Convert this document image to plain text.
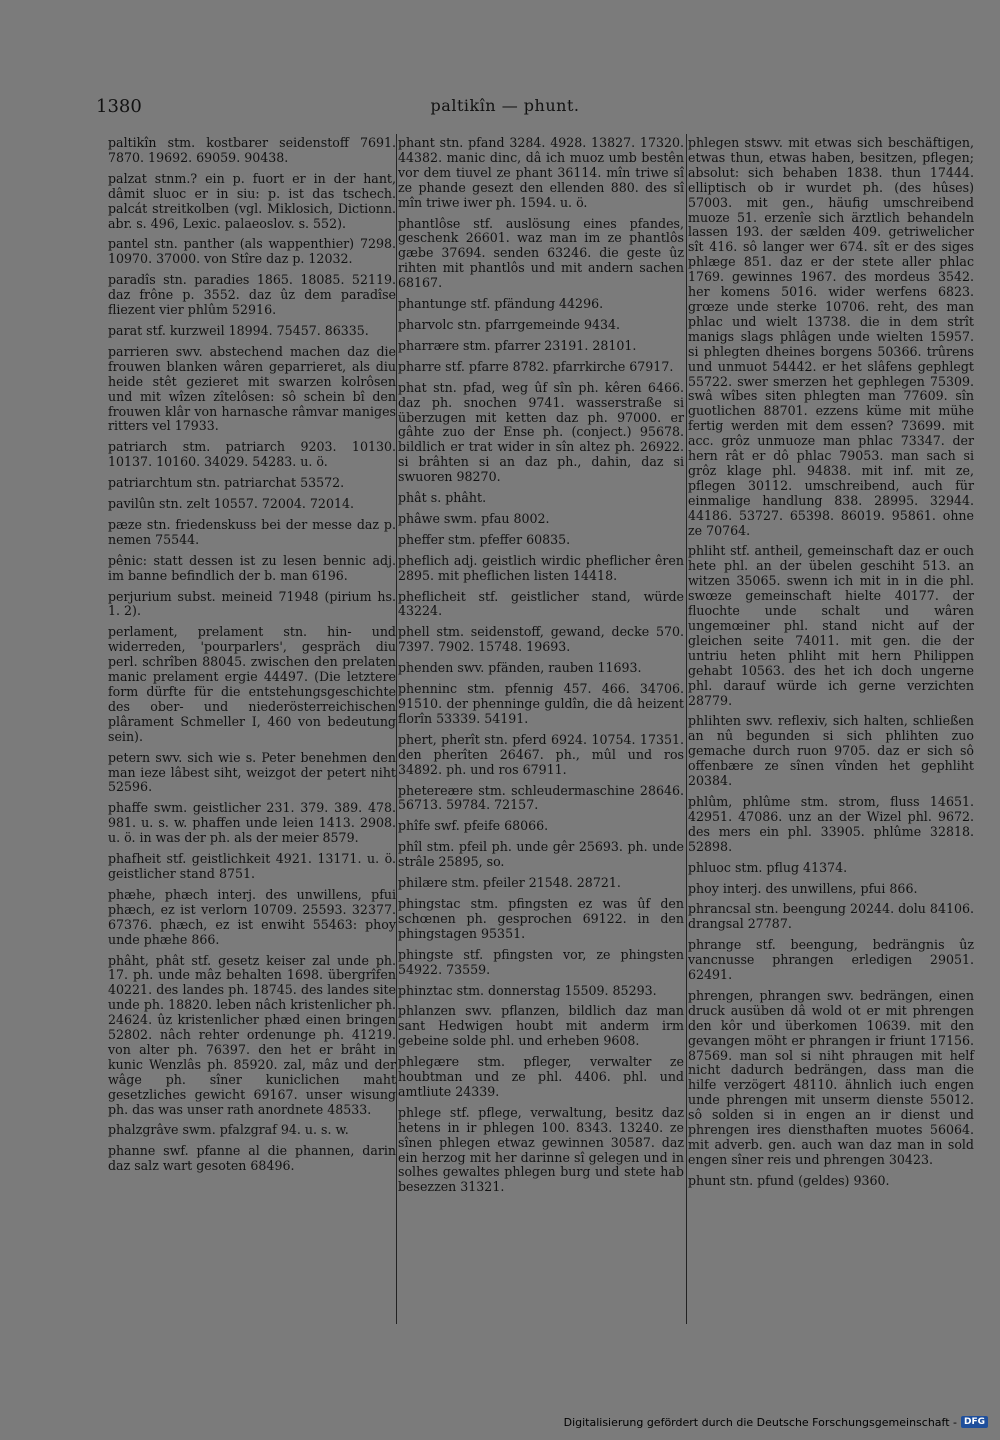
1380	paltikîn — phunt.

paltikîn stm. kostbarer seidenstoff 7691. 7870. 19692. 69059. 90438.

palzat stnm.? ein p. fuort er in der hant, dâmit sluoc er in siu: p. ist das tschech. palcát streitkolben (vgl. Miklosich, Dictionn. abr. s. 496, Lexic. palaeoslov. s. 552).

pantel stn. panther (als wappenthier) 7298. 10970. 37000. von Stîre daz p. 12032.

paradîs stn. paradies 1865. 18085. 52119. daz frône p. 3552. daz ûz dem paradîse fliezent vier phlûm 52916.

parat stf. kurzweil 18994. 75457. 86335.

parrieren swv. abstechend machen daz die frouwen blanken wâren geparrieret, als diu heide stêt gezieret mit swarzen kolrôsen und mit wîzen zîtelôsen: sô schein bî den frouwen klâr von harnasche râmvar maniges ritters vel 17933.

patriarch stm. patriarch 9203. 10130. 10137. 10160. 34029. 54283. u. ö.

patriarchtum stn. patriarchat 53572.

pavilûn stn. zelt 10557. 72004. 72014.

pæze stn. friedenskuss bei der messe daz p. nemen 75544.

pênic: statt dessen ist zu lesen bennic adj. im banne befindlich der b. man 6196.

perjurium subst. meineid 71948 (pirium hs. 1. 2).

perlament, prelament stn. hin- und widerreden, 'pourparlers', gespräch diu perl. schrîben 88045. zwischen den prelaten manic prelament ergie 44497. (Die letztere form dürfte für die entstehungsgeschichte des ober- und niederösterreichischen plârament Schmeller I, 460 von bedeutung sein).

petern swv. sich wie s. Peter benehmen den man ieze lâbest siht, weizgot der petert niht 52596.

phaffe swm. geistlicher 231. 379. 389. 478. 981. u. s. w. phaffen unde leien 1413. 2908. u. ö. in was der ph. als der meier 8579.

phafheit stf. geistlichkeit 4921. 13171. u. ö. geistlicher stand 8751.

phæhe, phæch interj. des unwillens, pfui phæch, ez ist verlorn 10709. 25593. 32377. 67376. phæch, ez ist enwiht 55463: phoy unde phæhe 866.

phâht, phât stf. gesetz keiser zal unde ph. 17. ph. unde mâz behalten 1698. übergrîfen 40221. des landes ph. 18745. des landes site unde ph. 18820. leben nâch kristenlicher ph. 24624. ûz kristenlicher phæd einen bringen 52802. nâch rehter ordenunge ph. 41219. von alter ph. 76397. den het er brâht in kunic Wenzlâs ph. 85920. zal, mâz und der wâge ph. sîner kuniclichen maht gesetzliches gewicht 69167. unser wisung ph. das was unser rath anordnete 48533.

phalzgrâve swm. pfalzgraf 94. u. s. w.

phanne swf. pfanne al die phannen, darin daz salz wart gesoten 68496.

phant stn. pfand 3284. 4928. 13827. 17320. 44382. manic dinc, dâ ich muoz umb bestên vor dem tiuvel ze phant 36114. mîn triwe sî ze phande gesezt den ellenden 880. des sî mîn triwe iwer ph. 1594. u. ö.

phantlôse stf. auslösung eines pfandes, geschenk 26601. waz man im ze phantlôs gæbe 37694. senden 63246. die geste ûz rihten mit phantlôs und mit andern sachen 68167.

phantunge stf. pfändung 44296.

pharvolc stn. pfarrgemeinde 9434.

pharrære stm. pfarrer 23191. 28101.

pharre stf. pfarre 8782. pfarrkirche 67917.

phat stn. pfad, weg ûf sîn ph. kêren 6466. daz ph. snochen 9741. wasserstraße si überzugen mit ketten daz ph. 97000. er gâhte zuo der Ense ph. (conject.) 95678. bildlich er trat wider in sîn altez ph. 26922. si brâhten si an daz ph., dahin, daz si swuoren 98270.

phât s. phâht.

phâwe swm. pfau 8002.

pheffer stm. pfeffer 60835.

pheflich adj. geistlich wirdic pheflicher êren 2895. mit pheflichen listen 14418.

pheflicheit stf. geistlicher stand, würde 43224.

phell stm. seidenstoff, gewand, decke 570. 7397. 7902. 15748. 19693.

phenden swv. pfänden, rauben 11693.

phenninc stm. pfennig 457. 466. 34706. 91510. der phenninge guldîn, die dâ heizent florîn 53339. 54191.

phert, pherît stn. pferd 6924. 10754. 17351. den pherîten 26467. ph., mûl und ros 34892. ph. und ros 67911.

phetereære stm. schleudermaschine 28646. 56713. 59784. 72157.

phîfe swf. pfeife 68066.

phîl stm. pfeil ph. unde gêr 25693. ph. unde strâle 25895, so.

philære stm. pfeiler 21548. 28721.

phingstac stm. pfingsten ez was ûf den schœnen ph. gesprochen 69122. in den phingstagen 95351.

phingste stf. pfingsten vor, ze phingsten 54922. 73559.

phinztac stm. donnerstag 15509. 85293.

phlanzen swv. pflanzen, bildlich daz man sant Hedwigen houbt mit anderm irm gebeine solde phl. und erheben 9608.

phlegære stm. pfleger, verwalter ze houbtman und ze phl. 4406. phl. und amtliute 24339.

phlege stf. pflege, verwaltung, besitz daz hetens in ir phlegen 100. 8343. 13240. ze sînen phlegen etwaz gewinnen 30587. daz ein herzog mit her darinne sî gelegen und in solhes gewaltes phlegen burg und stete hab besezzen 31321.

phlegen stswv. mit etwas sich beschäftigen, etwas thun, etwas haben, besitzen, pflegen; absolut: sich behaben 1838. thun 17444. elliptisch ob ir wurdet ph. (des hûses) 57003. mit gen., häufig umschreibend muoze 51. erzenîe sich ärztlich behandeln lassen 193. der sælden 409. getriwelicher sît 416. sô langer wer 674. sît er des siges phlæge 851. daz er der stete aller phlac 1769. gewinnes 1967. des mordeus 3542. her komens 5016. wider werfens 6823. grœze unde sterke 10706. reht, des man phlac und wielt 13738. die in dem strît manigs slags phlâgen unde wielten 15957. si phlegten dheines borgens 50366. trûrens und unmuot 54442. er het slâfens gephlegt 55722. swer smerzen het gephlegen 75309. swâ wîbes siten phlegten man 77609. sîn guotlichen 88701. ezzens küme mit mühe fertig werden mit dem essen? 73699. mit acc. grôz unmuoze man phlac 73347. der hern rât er dô phlac 79053. man sach si grôz klage phl. 94838. mit inf. mit ze, pflegen 30112. umschreibend, auch für einmalige handlung 838. 28995. 32944. 44186. 53727. 65398. 86019. 95861. ohne ze 70764.

phliht stf. antheil, gemeinschaft daz er ouch hete phl. an der übelen geschiht 513. an witzen 35065. swenn ich mit in in die phl. swœze gemeinschaft hielte 40177. der fluochte unde schalt und wâren ungemœiner phl. stand nicht auf der gleichen seite 74011. mit gen. die der untriu heten phliht mit hern Philippen gehabt 10563. des het ich doch ungerne phl. darauf würde ich gerne verzichten 28779.

phlihten swv. reflexiv, sich halten, schließen an nû begunden si sich phlihten zuo gemache durch ruon 9705. daz er sich sô offenbære ze sînen vînden het gephliht 20384.

phlûm, phlûme stm. strom, fluss 14651. 42951. 47086. unz an der Wizel phl. 9672. des mers ein phl. 33905. phlûme 32818. 52898.

phluoc stm. pflug 41374.

phoy interj. des unwillens, pfui 866.

phrancsal stn. beengung 20244. dolu 84106. drangsal 27787.

phrange stf. beengung, bedrängnis ûz vancnusse phrangen erledigen 29051. 62491.

phrengen, phrangen swv. bedrängen, einen druck ausüben dâ wold ot er mit phrengen den kôr und überkomen 10639. mit den gevangen möht er phrangen ir friunt 17156. 87569. man sol si niht phraugen mit helf nicht dadurch bedrängen, dass man die hilfe verzögert 48110. ähnlich iuch engen unde phrengen mit unserm dienste 55012. sô solden si in engen an ir dienst und phrengen ires diensthaften muotes 56064. mit adverb. gen. auch wan daz man in sold engen sîner reis und phrengen 30423.

phunt stn. pfund (geldes) 9360.

Digitalisierung gefördert durch die Deutsche Forschungsgemeinschaft - DFG
